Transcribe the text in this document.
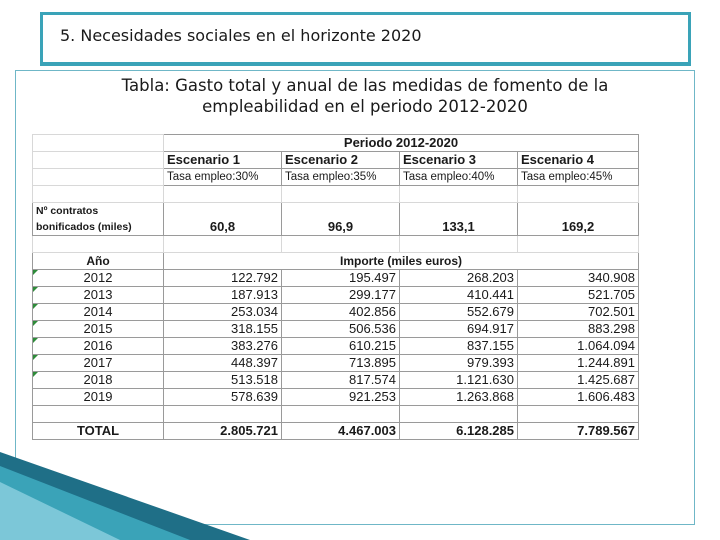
5. Necesidades sociales en el horizonte 2020
Tabla: Gasto total y anual de las medidas de fomento de la
empleabilidad en el periodo 2012-2020
	Periodo 2012-2020			
	Escenario 1	Escenario 2	Escenario 3	Escenario 4
	Tasa empleo:30%	Tasa empleo:35%	Tasa empleo:40%	Tasa empleo:45%

Nº contratos
bonificados (miles)	60,8	96,9	133,1	169,2

Año	Importe (miles euros)			
2012	122.792	195.497	268.203	340.908
2013	187.913	299.177	410.441	521.705
2014	253.034	402.856	552.679	702.501
2015	318.155	506.536	694.917	883.298
2016	383.276	610.215	837.155	1.064.094
2017	448.397	713.895	979.393	1.244.891
2018	513.518	817.574	1.121.630	1.425.687
2019	578.639	921.253	1.263.868	1.606.483

TOTAL	2.805.721	4.467.003	6.128.285	7.789.567
